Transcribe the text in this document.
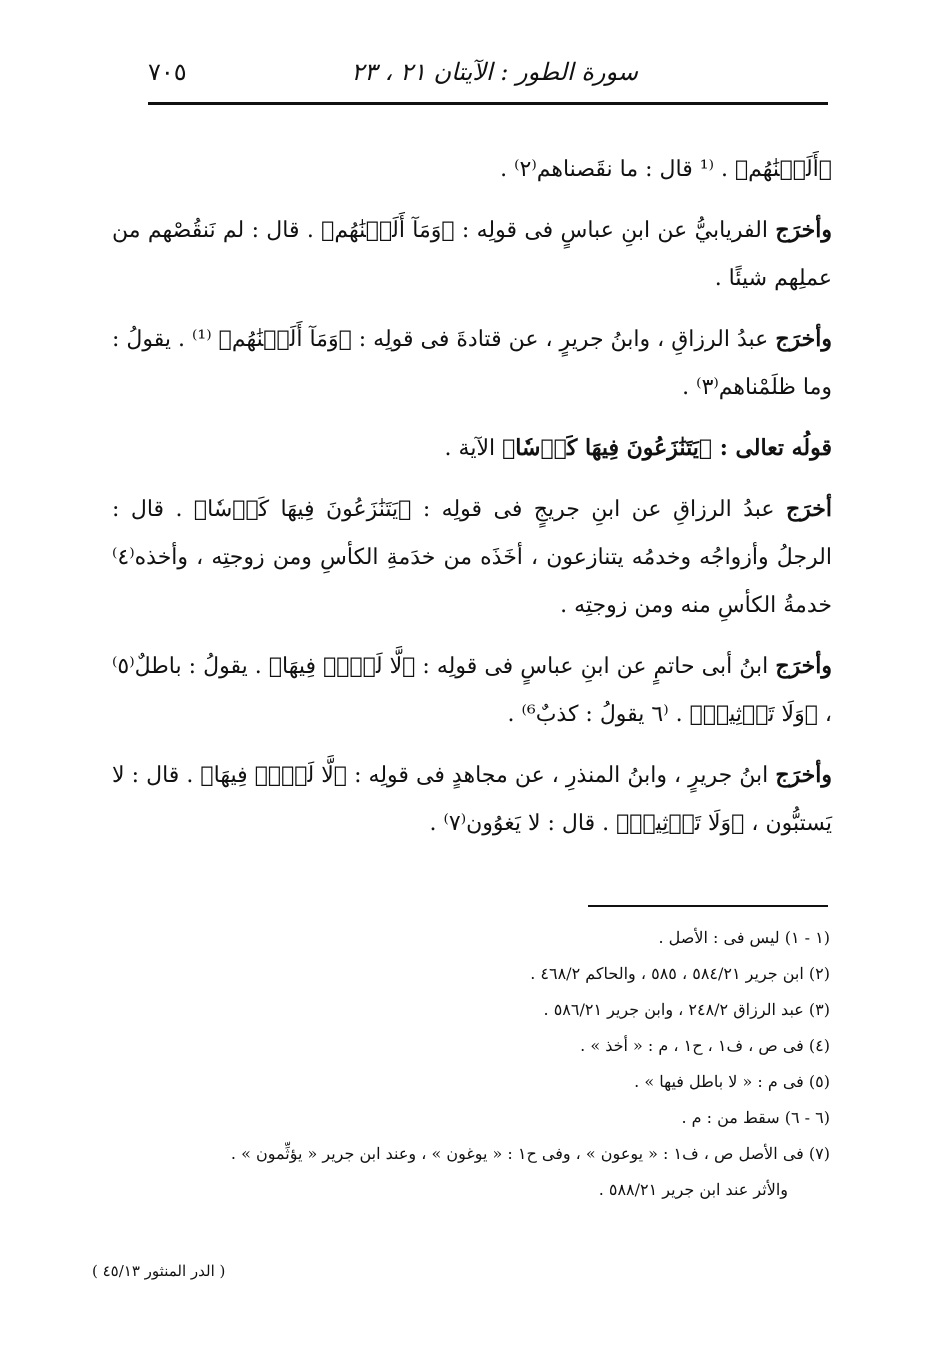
سورة الطور : الآيتان ٢١ ، ٢٣
٧٠٥

﴿أَلَتۡنَٰهُم﴾ . ⁽¹ قال : ما نقَصناهم⁽٢⁾ .

وأخرَج الفريابيُّ عن ابنِ عباسٍ فى قولِه : ﴿وَمَآ أَلَتۡنَٰهُم﴾ . قال : لم نَنقُصْهم من عملِهم شيئًا .

وأخرَج عبدُ الرزاقِ ، وابنُ جريرٍ ، عن قتادةَ فى قولِه : ﴿وَمَآ أَلَتۡنَٰهُم﴾ ⁽¹⁾ . يقولُ : وما ظلَمْناهم⁽٣⁾ .

قولُه تعالى : ﴿يَتَنَٰزَعُونَ فِيهَا كَأۡسٗا﴾ الآية .

أخرَج عبدُ الرزاقِ عن ابنِ جريجٍ فى قولِه : ﴿يَتَنَٰزَعُونَ فِيهَا كَأۡسٗا﴾ . قال : الرجلُ وأزواجُه وخدمُه يتنازعون ، أخَذَه من خدَمةِ الكأسِ ومن زوجتِه ، وأخذه⁽٤⁾ خدمةُ الكأسِ منه ومن زوجتِه .

وأخرَج ابنُ أبى حاتمٍ عن ابنِ عباسٍ فى قولِه : ﴿لَّا لَغۡوٞ فِيهَا﴾ . يقولُ : باطلٌ⁽٥⁾ ، ﴿وَلَا تَأۡثِيمٞ﴾ . ⁽٦ يقولُ : كذبٌ⁶⁾ .

وأخرَج ابنُ جريرٍ ، وابنُ المنذرِ ، عن مجاهدٍ فى قولِه : ﴿لَّا لَغۡوٞ فِيهَا﴾ . قال : لا يَستبُّون ، ﴿وَلَا تَأۡثِيمٞ﴾ . قال : لا يَغوُون⁽٧⁾ .

(١ - ١) ليس فى : الأصل .

(٢) ابن جرير ٥٨٤/٢١ ، ٥٨٥ ، والحاكم ٤٦٨/٢ .

(٣) عبد الرزاق ٢٤٨/٢ ، وابن جرير ٥٨٦/٢١ .

(٤) فى ص ، ف١ ، ح١ ، م : « أخذ » .

(٥) فى م : « لا باطل فيها » .

(٦ - ٦) سقط من : م .

(٧) فى الأصل ص ، ف١ : « يوعون » ، وفى ح١ : « يوغون » ، وعند ابن جرير « يؤثِّمون » .

والأثر عند ابن جرير ٥٨٨/٢١ .

( الدر المنثور ٤٥/١٣ )
